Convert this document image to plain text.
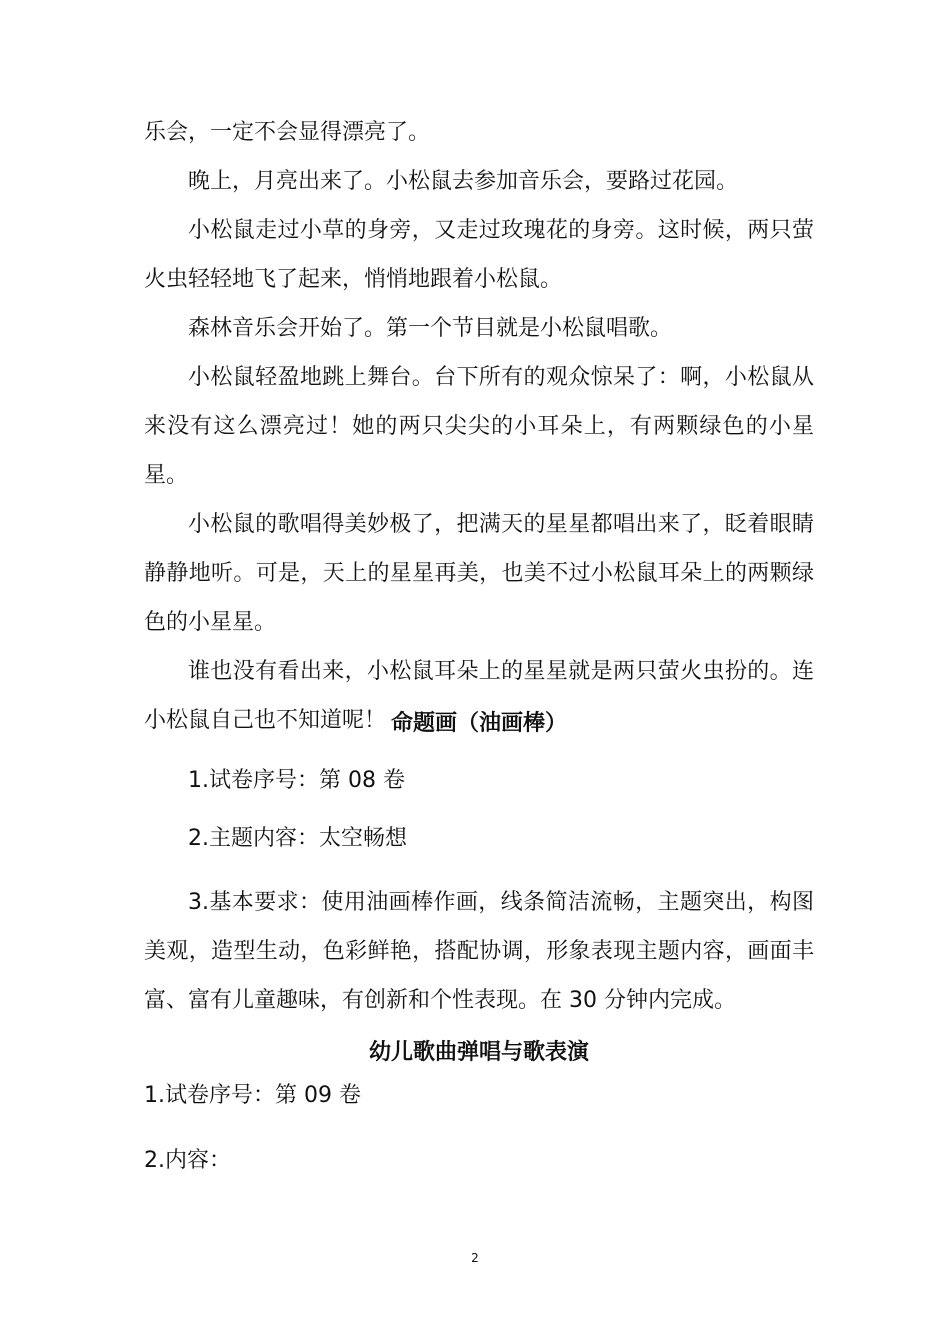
乐会，一定不会显得漂亮了。

晚上，月亮出来了。小松鼠去参加音乐会，要路过花园。

小松鼠走过小草的身旁，又走过玫瑰花的身旁。这时候，两只萤火虫轻轻地飞了起来，悄悄地跟着小松鼠。

森林音乐会开始了。第一个节目就是小松鼠唱歌。

小松鼠轻盈地跳上舞台。台下所有的观众惊呆了：啊，小松鼠从来没有这么漂亮过！她的两只尖尖的小耳朵上，有两颗绿色的小星星。

小松鼠的歌唱得美妙极了，把满天的星星都唱出来了，眨着眼睛静静地听。可是，天上的星星再美，也美不过小松鼠耳朵上的两颗绿色的小星星。

谁也没有看出来，小松鼠耳朵上的星星就是两只萤火虫扮的。连小松鼠自己也不知道呢！ 命题画（油画棒）

1.试卷序号：第 08 卷

2.主题内容：太空畅想

3.基本要求：使用油画棒作画，线条简洁流畅，主题突出，构图美观，造型生动，色彩鲜艳，搭配协调，形象表现主题内容，画面丰富、富有儿童趣味，有创新和个性表现。在 30 分钟内完成。

幼儿歌曲弹唱与歌表演

1.试卷序号：第 09 卷

2.内容：

2
